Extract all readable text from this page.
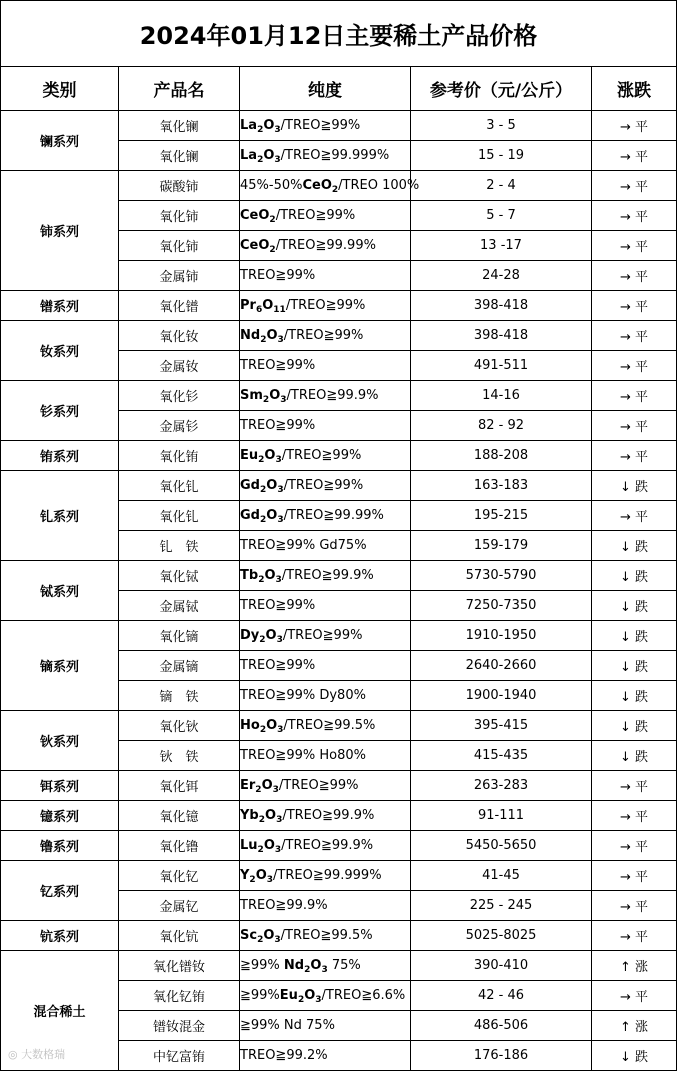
2024年01月12日主要稀土产品价格				
类别	产品名	纯度	参考价（元/公斤）	涨跌
镧系列	氧化镧	$La_2O_3/TREO≧99\%$	3 - 5	→ 平
	氧化镧	$La_2O_3/TREO≧99.999\%$	15 - 19	→ 平
铈系列	碳酸铈	45%-50%CeO$_2$/TREO 100%	2 - 4	→ 平
	氧化铈	CeO$_2$/TREO≧99%	5 - 7	→ 平
	氧化铈	CeO$_2$/TREO≧99.99%	13 -17	→ 平
	金属铈	TREO≧99%	24-28	→ 平
镨系列	氧化镨	$Pr_6O_{11}/TREO≧99\%$	398-418	→ 平
钕系列	氧化钕	$Nd_2O_3/TREO≧99\%$	398-418	→ 平
	金属钕	TREO≧99%	491-511	→ 平
钐系列	氧化钐	$Sm_2O_3/TREO≧99.9\%$	14-16	→ 平
	金属钐	TREO≧99%	82 - 92	→ 平
铕系列	氧化铕	$Eu_2O_3/TREO≧99\%$	188-208	→ 平
钆系列	氧化钆	$Gd_2O_3/TREO≧99\%$	163-183	↓ 跌
	氧化钆	$Gd_2O_3/TREO≧99.99\%$	195-215	→ 平
	钆　铁	TREO≧99% Gd75%	159-179	↓ 跌
铽系列	氧化铽	$Tb_2O_3/TREO≧99.9\%$	5730-5790	↓ 跌
	金属铽	TREO≧99%	7250-7350	↓ 跌
镝系列	氧化镝	$Dy_2O_3/TREO≧99\%$	1910-1950	↓ 跌
	金属镝	TREO≧99%	2640-2660	↓ 跌
	镝　铁	TREO≧99% Dy80%	1900-1940	↓ 跌
钬系列	氧化钬	$Ho_2O_3/TREO≧99.5\%$	395-415	↓ 跌
	钬　铁	TREO≧99% Ho80%	415-435	↓ 跌
铒系列	氧化铒	$Er_2O_3/TREO≧99\%$	263-283	→ 平
镱系列	氧化镱	$Yb_2O_3/TREO≧99.9\%$	91-111	→ 平
镥系列	氧化镥	$Lu_2O_3/TREO≧99.9\%$	5450-5650	→ 平
钇系列	氧化钇	$Y_2O_3/TREO≧99.999\%$	41-45	→ 平
	金属钇	TREO≧99.9%	225 - 245	→ 平
钪系列	氧化钪	$Sc_2O_3/TREO≧99.5\%$	5025-8025	→ 平
混合稀土	氧化镨钕	≧99% $Nd_2O_3$ 75%	390-410	↑ 涨
	氧化钇铕	$≧99\%Eu_2O_3/TREO≧6.6\%$	42 - 46	→ 平
	镨钕混金	≧99% Nd 75%	486-506	↑ 涨
	中钇富铕	TREO≧99.2%	176-186	↓ 跌
◎ 大数格瑞
